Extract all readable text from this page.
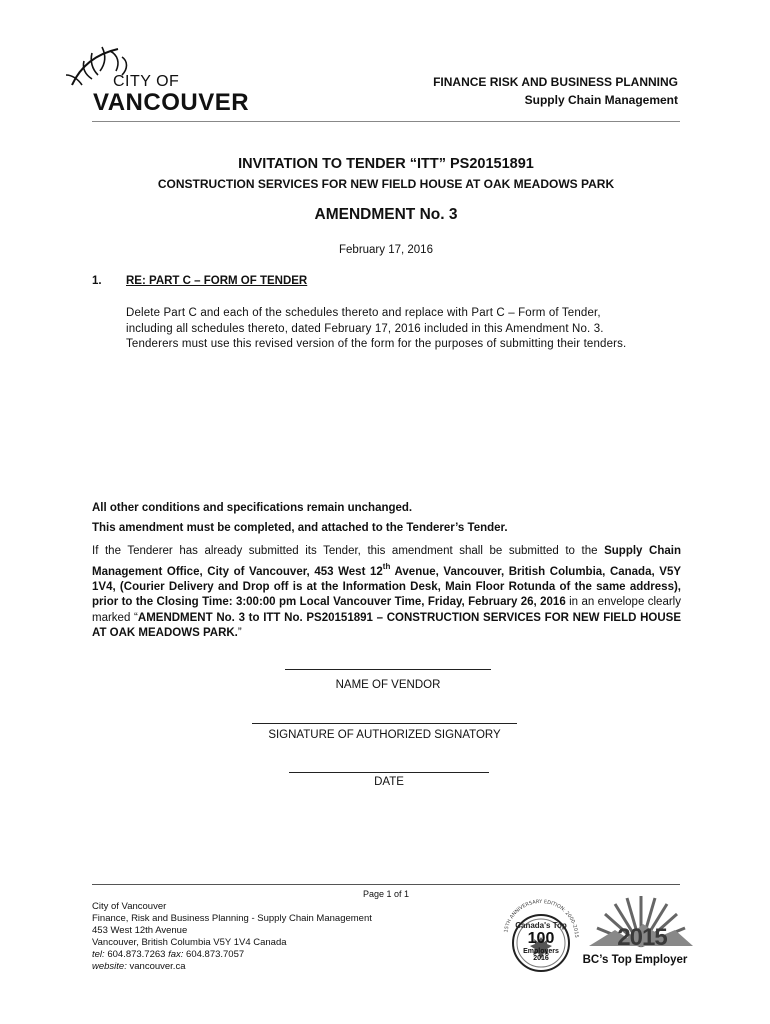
CITY OF
VANCOUVER
FINANCE RISK AND BUSINESS PLANNING
Supply Chain Management
INVITATION TO TENDER “ITT” PS20151891
CONSTRUCTION SERVICES FOR NEW FIELD HOUSE AT OAK MEADOWS PARK
AMENDMENT No. 3
February 17, 2016
1. RE: PART C – FORM OF TENDER
Delete Part C and each of the schedules thereto and replace with Part C – Form of Tender,
including all schedules thereto, dated February 17, 2016 included in this Amendment No. 3.
Tenderers must use this revised version of the form for the purposes of submitting their tenders.
All other conditions and specifications remain unchanged.
This amendment must be completed, and attached to the Tenderer’s Tender.
If the Tenderer has already submitted its Tender, this amendment shall be submitted to the Supply Chain Management Office, City of Vancouver, 453 West 12th Avenue, Vancouver, British Columbia, Canada, V5Y 1V4, (Courier Delivery and Drop off is at the Information Desk, Main Floor Rotunda of the same address), prior to the Closing Time: 3:00:00 pm Local Vancouver Time, Friday, February 26, 2016 in an envelope clearly marked “AMENDMENT No. 3 to ITT No. PS20151891 – CONSTRUCTION SERVICES FOR NEW FIELD HOUSE AT OAK MEADOWS PARK.”
NAME OF VENDOR
SIGNATURE OF AUTHORIZED SIGNATORY
DATE
Page 1 of 1
City of Vancouver
Finance, Risk and Business Planning - Supply Chain Management
453 West 12th Avenue
Vancouver, British Columbia V5Y 1V4 Canada
tel: 604.873.7263 fax: 604.873.7057
website: vancouver.ca
15TH ANNIVERSARY EDITION: 2000-2015
Canada's Top
100
Employers
2016
2015
BC’s Top Employer
